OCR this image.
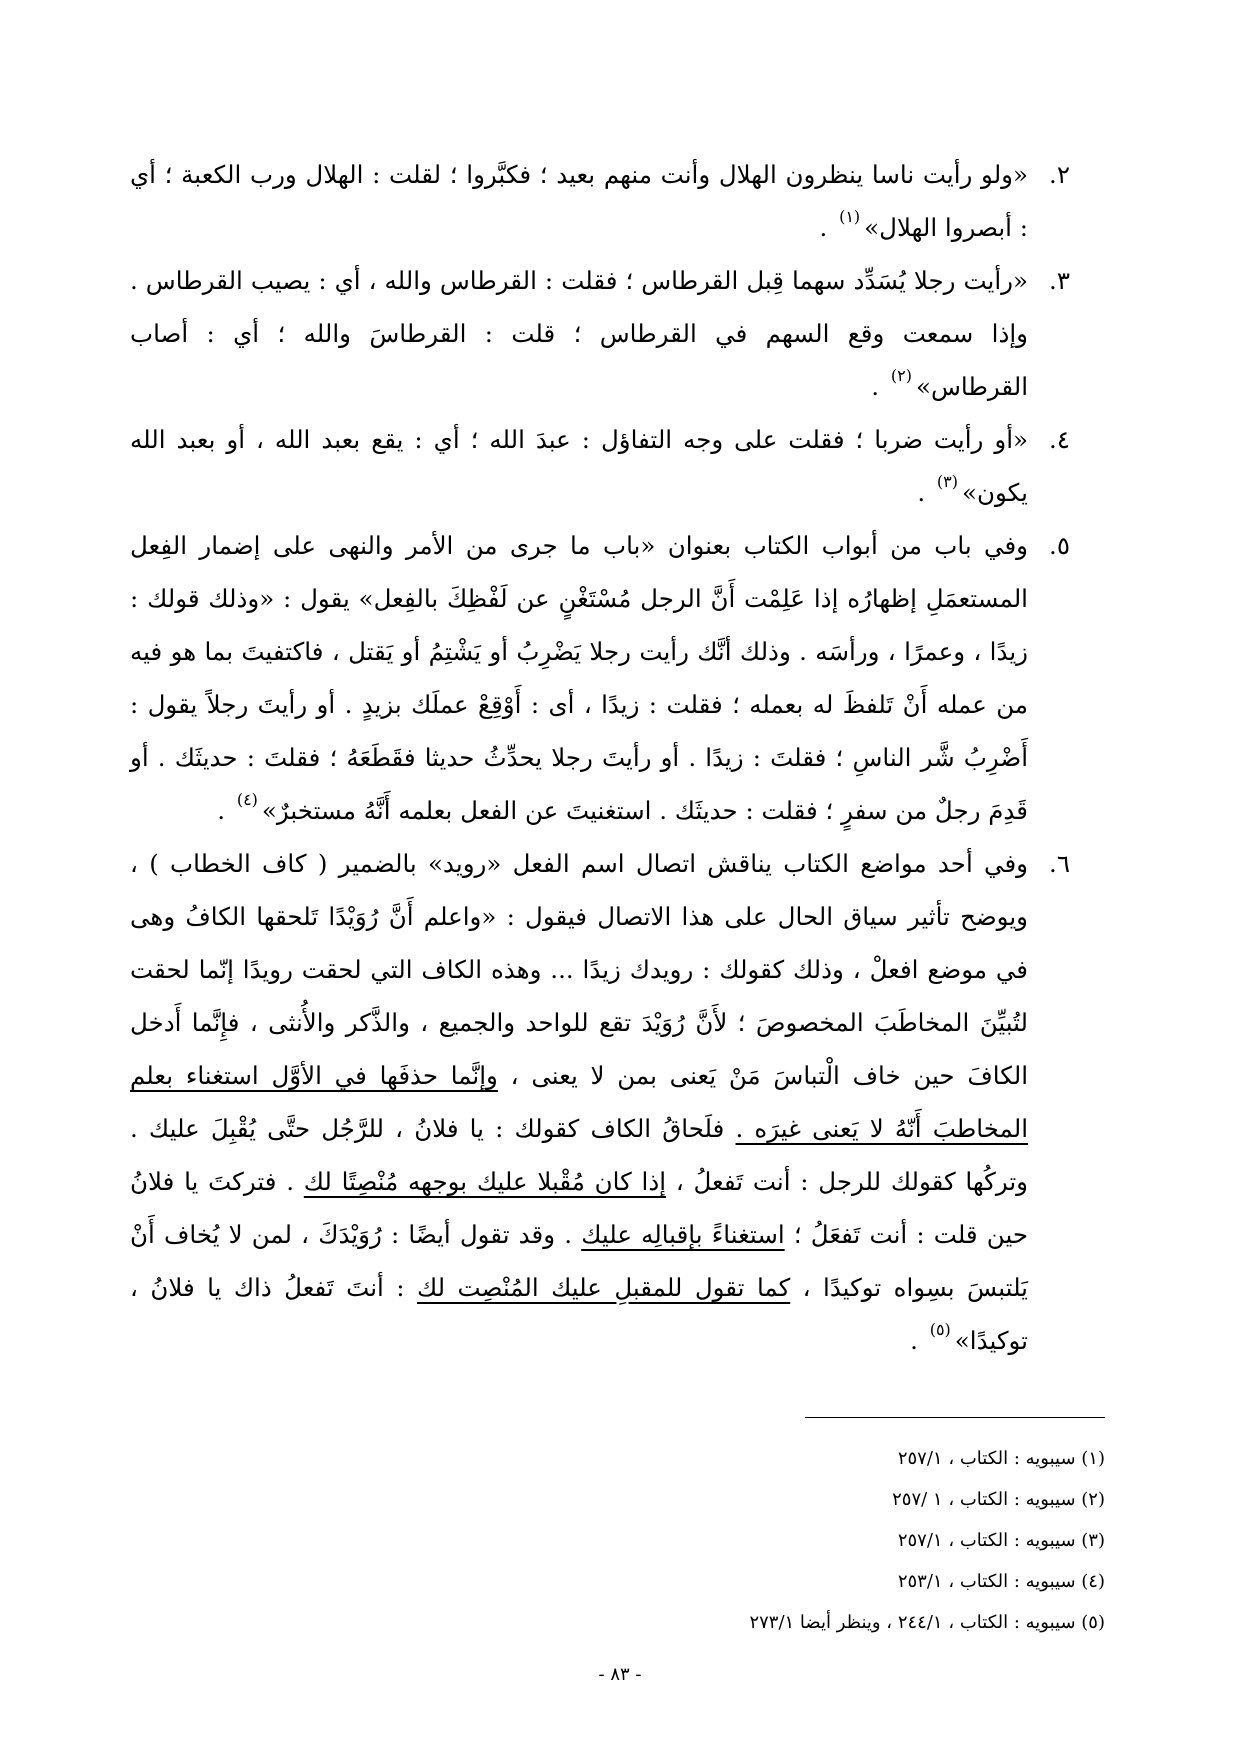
٢.
«ولو رأيت ناسا ينظرون الهلال وأنت منهم بعيد ؛ فكبَّروا ؛ لقلت : الهلال ورب الكعبة ؛ أي : أبصروا الهلال»$^{(١)}$ .
٣.
«رأيت رجلا يُسَدِّد سهما قِبل القرطاس ؛ فقلت : القرطاس والله ، أي : يصيب القرطاس . وإذا سمعت وقع السهم في القرطاس ؛ قلت : القرطاسَ والله ؛ أي : أصاب القرطاس»$^{(٢)}$ .
٤.
«أو رأيت ضربا ؛ فقلت على وجه التفاؤل : عبدَ الله ؛ أي : يقع بعبد الله ، أو بعبد الله يكون»$^{(٣)}$ .
٥.
وفي باب من أبواب الكتاب بعنوان «باب ما جرى من الأمر والنهى على إضمار الفِعل المستعمَلِ إظهارُه إذا عَلِمْت أَنَّ الرجل مُسْتَغْنٍ عن لَفْظِكَ بالفِعل» يقول : «وذلك قولك : زيدًا ، وعمرًا ، ورأسَه . وذلك أنَّك رأيت رجلا يَضْرِبُ أو يَشْتِمُ أو يَقتل ، فاكتفيتَ بما هو فيه من عمله أَنْ تَلفظَ له بعمله ؛ فقلت : زيدًا ، أى : أَوْقِعْ عملَك بزيدٍ . أو رأيتَ رجلاً يقول : أَضْرِبُ شَّر الناسِ ؛ فقلتَ : زيدًا . أو رأيتَ رجلا يحدِّثُ حديثا فقَطَعَهُ ؛ فقلتَ : حديثَك . أو قَدِمَ رجلٌ من سفرٍ ؛ فقلت : حديثَك . استغنيتَ عن الفعل بعلمه أَنَّهُ مستخبرٌ»$^{(٤)}$ .
٦.
وفي أحد مواضع الكتاب يناقش اتصال اسم الفعل «رويد» بالضمير ( كاف الخطاب ) ، ويوضح تأثير سياق الحال على هذا الاتصال فيقول : «واعلم أَنَّ رُوَيْدًا تَلحقها الكافُ وهى في موضع افعلْ ، وذلك كقولك : رويدك زيدًا ... وهذه الكاف التي لحقت رويدًا إنّما لحقت لتُبيِّنَ المخاطَبَ المخصوصَ ؛ لأَنَّ رُوَيْدَ تقع للواحد والجميع ، والذَّكر والأُنثى ، فإِنَّما أَدخل الكافَ حين خاف الْتباسَ مَنْ يَعنى بمن لا يعنى ، وإنَّما حذفَها في الأوَّل استغناء بعلم المخاطبَ أَنّهُ لا يَعنى غيرَه . فلَحاقُ الكاف كقولك : يا فلانُ ، للرَّجُل حتَّى يُقْبِلَ عليك . وتركُها كقولك للرجل : أنت تَفعلُ ، إذا كان مُقْبلا عليك بوجهه مُنْصِتًا لك . فتركتَ يا فلانُ حين قلت : أنت تَفعَلُ ؛ استغناءً بإقبالِه عليك . وقد تقول أيضًا : رُوَيْدَكَ ، لمن لا يُخاف أَنْ يَلتبسَ بسِواه توكيدًا ، كما تقول للمقبلِ عليك المُنْصِت لك : أنتَ تَفعلُ ذاك يا فلانُ ، توكيدًا»$^{(٥)}$ .
(١) سيبويه : الكتاب ، ٢٥٧/١
(٢) سيبويه : الكتاب ، ١ /٢٥٧
(٣) سيبويه : الكتاب ، ٢٥٧/١
(٤) سيبويه : الكتاب ، ٢٥٣/١
(٥) سيبويه : الكتاب ، ٢٤٤/١ ، وينظر أيضا ٢٧٣/١
- ٨٣ -
